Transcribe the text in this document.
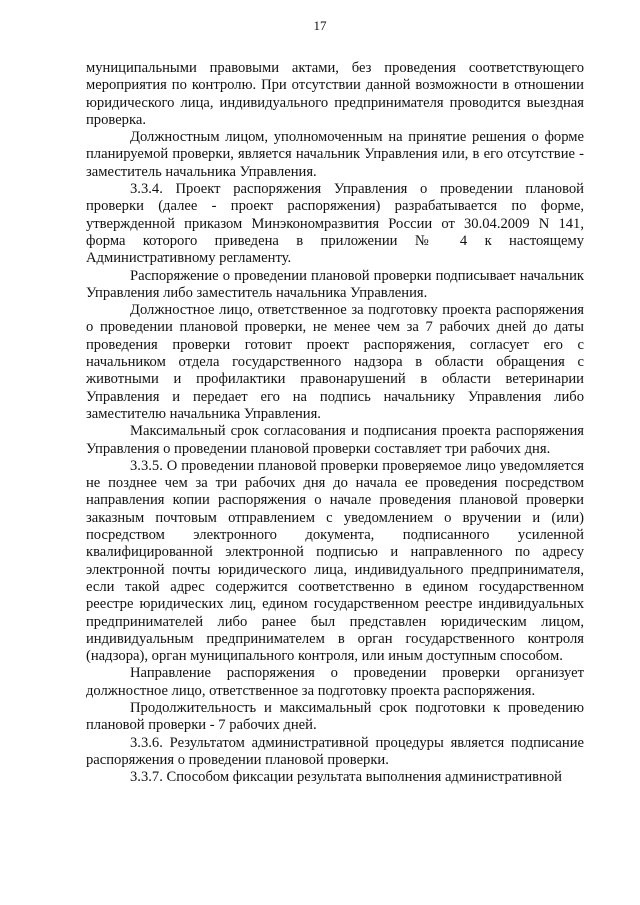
17

муниципальными правовыми актами, без проведения соответствующего мероприятия по контролю. При отсутствии данной возможности в отношении юридического лица, индивидуального предпринимателя проводится выездная проверка.

Должностным лицом, уполномоченным на принятие решения о форме планируемой проверки, является начальник Управления или, в его отсутствие - заместитель начальника Управления.

3.3.4. Проект распоряжения Управления о проведении плановой проверки (далее - проект распоряжения) разрабатывается по форме, утвержденной приказом Минэкономразвития России от 30.04.2009 N 141, форма которого приведена в приложении № 4 к настоящему Административному регламенту.

Распоряжение о проведении плановой проверки подписывает начальник Управления либо заместитель начальника Управления.

Должностное лицо, ответственное за подготовку проекта распоряжения о проведении плановой проверки, не менее чем за 7 рабочих дней до даты проведения проверки готовит проект распоряжения, согласует его с начальником отдела государственного надзора в области обращения с животными и профилактики правонарушений в области ветеринарии Управления и передает его на подпись начальнику Управления либо заместителю начальника Управления.

Максимальный срок согласования и подписания проекта распоряжения Управления о проведении плановой проверки составляет три рабочих дня.

3.3.5. О проведении плановой проверки проверяемое лицо уведомляется не позднее чем за три рабочих дня до начала ее проведения посредством направления копии распоряжения о начале проведения плановой проверки заказным почтовым отправлением с уведомлением о вручении и (или) посредством электронного документа, подписанного усиленной квалифицированной электронной подписью и направленного по адресу электронной почты юридического лица, индивидуального предпринимателя, если такой адрес содержится соответственно в едином государственном реестре юридических лиц, едином государственном реестре индивидуальных предпринимателей либо ранее был представлен юридическим лицом, индивидуальным предпринимателем в орган государственного контроля (надзора), орган муниципального контроля, или иным доступным способом.

Направление распоряжения о проведении проверки организует должностное лицо, ответственное за подготовку проекта распоряжения.

Продолжительность и максимальный срок подготовки к проведению плановой проверки - 7 рабочих дней.

3.3.6. Результатом административной процедуры является подписание распоряжения о проведении плановой проверки.

3.3.7. Способом фиксации результата выполнения административной
